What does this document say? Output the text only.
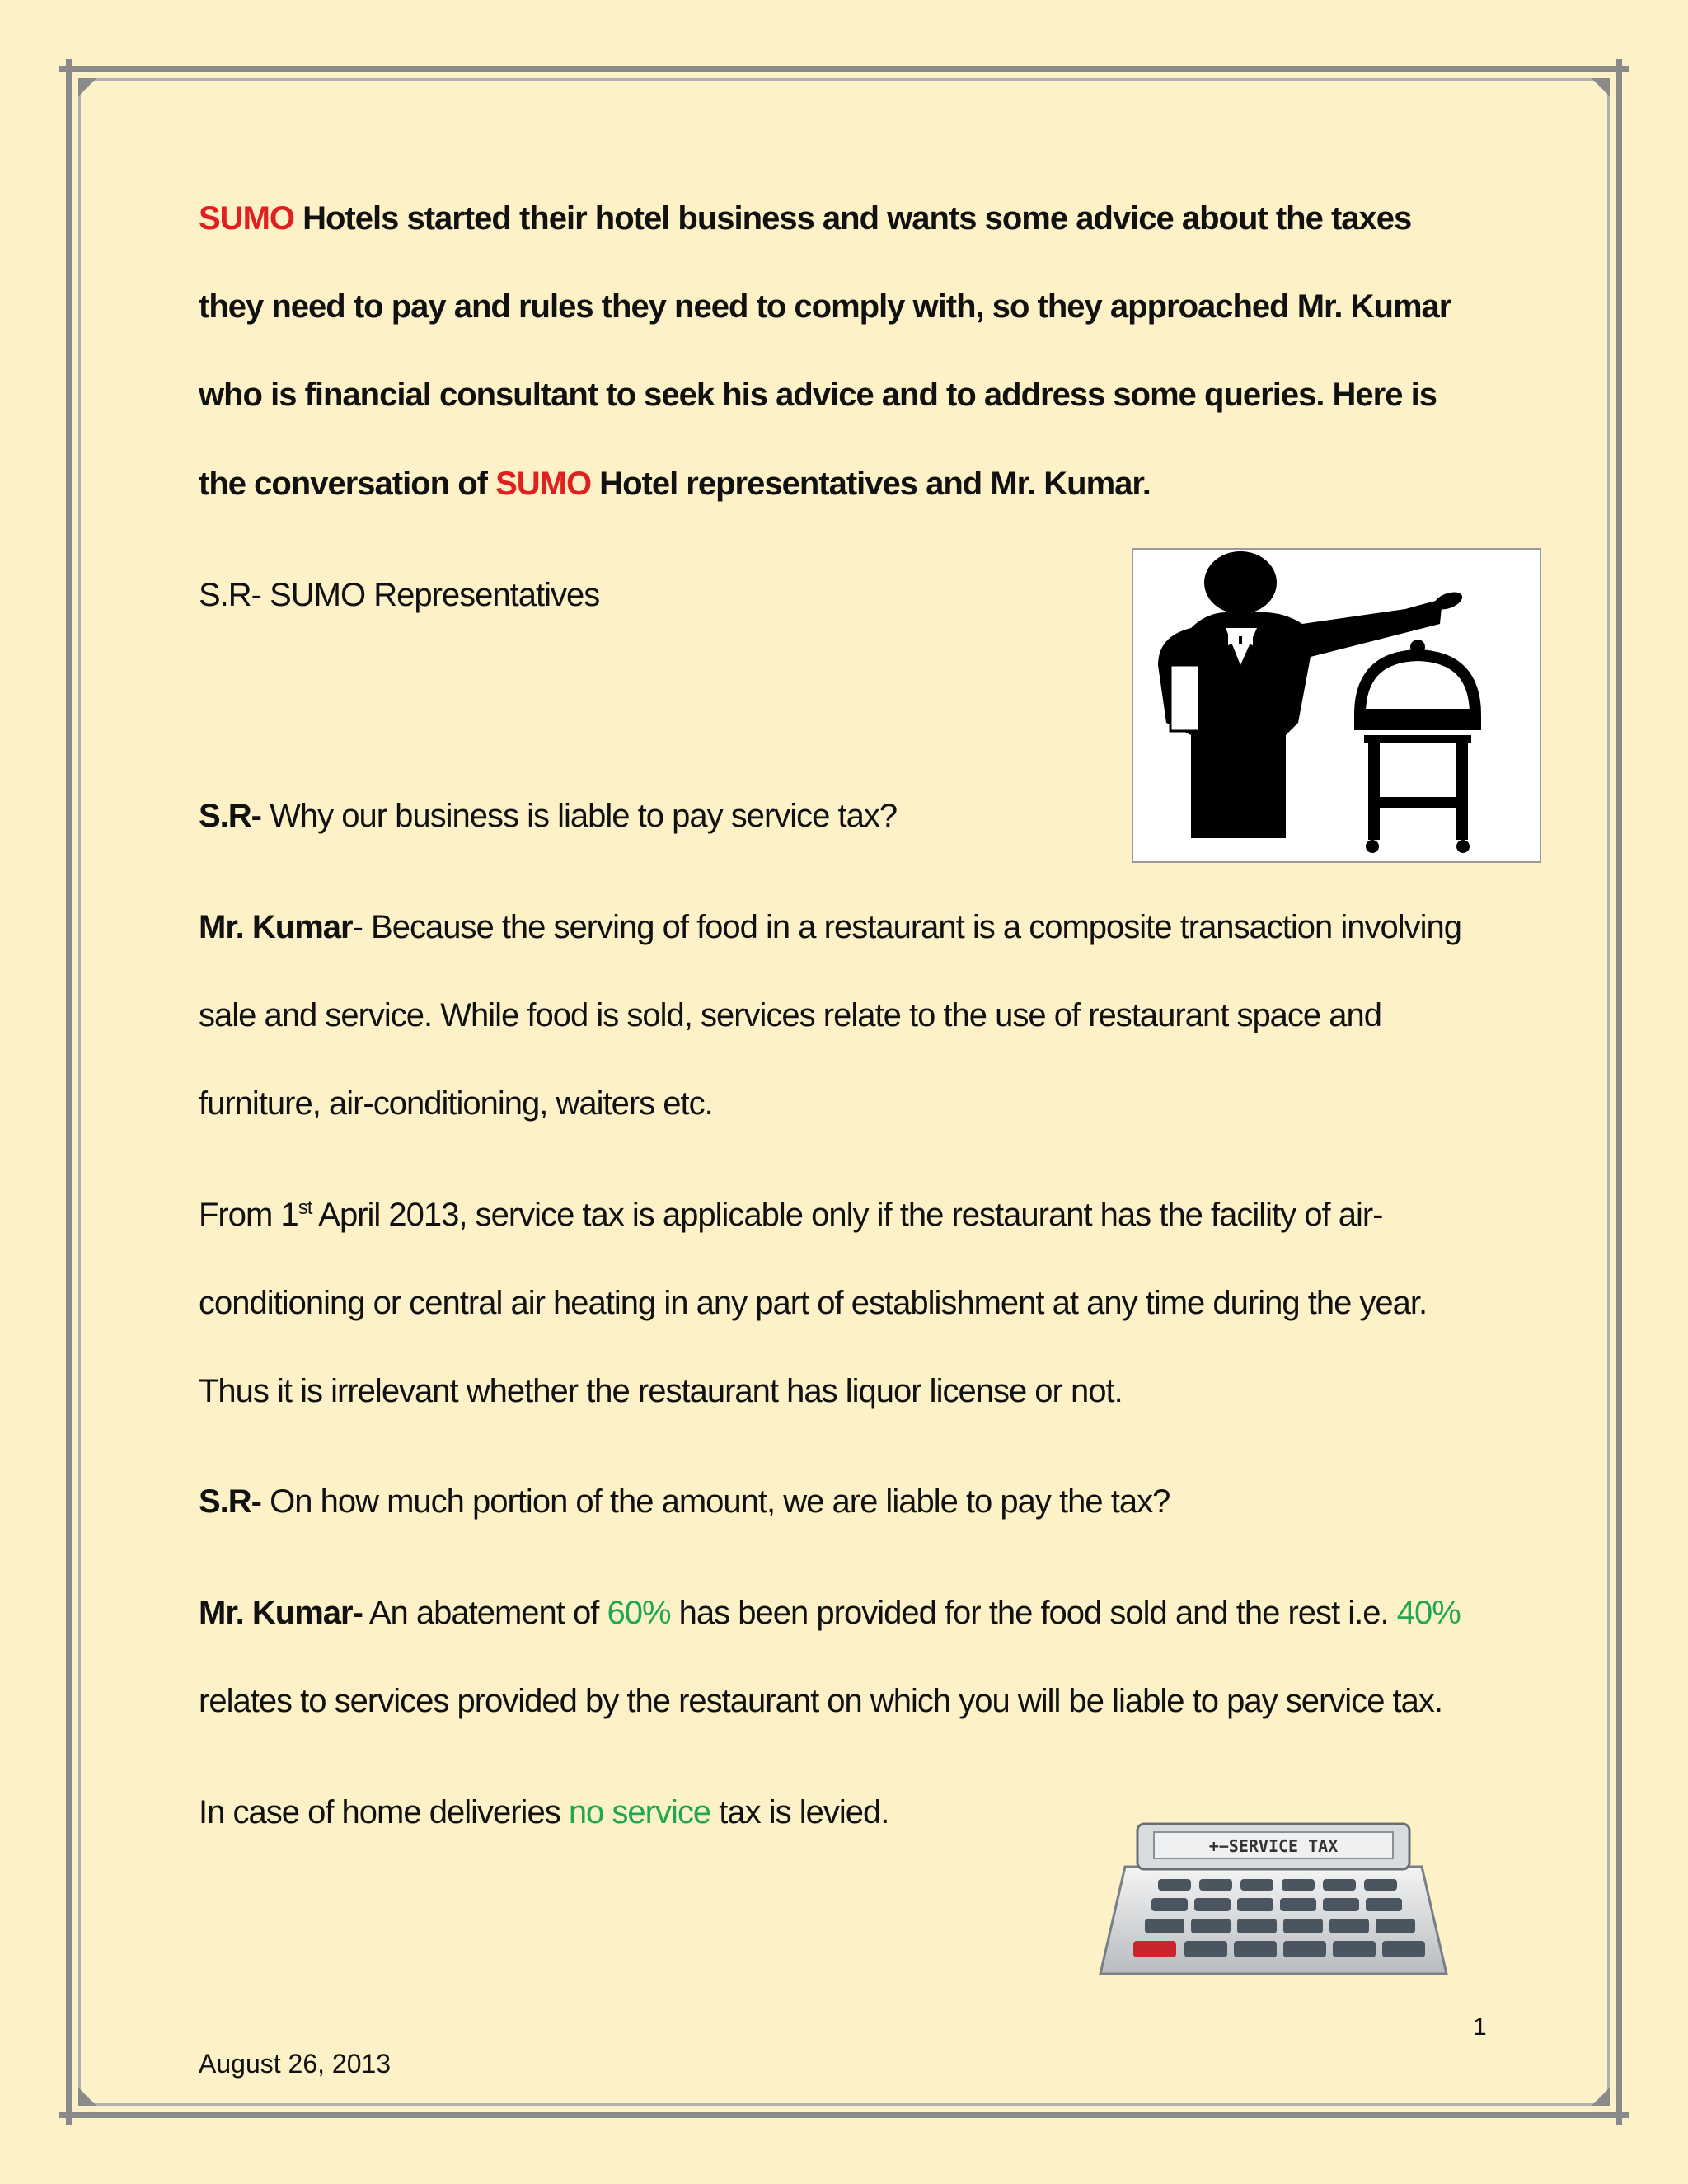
SUMO Hotels started their hotel business and wants some advice about the taxes

they need to pay and rules they need to comply with, so they approached Mr. Kumar

who is financial consultant to seek his advice and to address some queries. Here is

the conversation of SUMO Hotel representatives and Mr. Kumar.

S.R- SUMO Representatives

S.R- Why our business is liable to pay service tax?

Mr. Kumar- Because the serving of food in a restaurant is a composite transaction involving

sale and service. While food is sold, services relate to the use of restaurant space and

furniture, air-conditioning, waiters etc.

From 1st April 2013, service tax is applicable only if the restaurant has the facility of air-

conditioning or central air heating in any part of establishment at any time during the year.

Thus it is irrelevant whether the restaurant has liquor license or not.

S.R- On how much portion of the amount, we are liable to pay the tax?

Mr. Kumar- An abatement of 60% has been provided for the food sold and the rest i.e. 40%

relates to services provided by the restaurant on which you will be liable to pay service tax.

In case of home deliveries no service tax is levied.

+−SERVICE TAX
1
August 26, 2013
